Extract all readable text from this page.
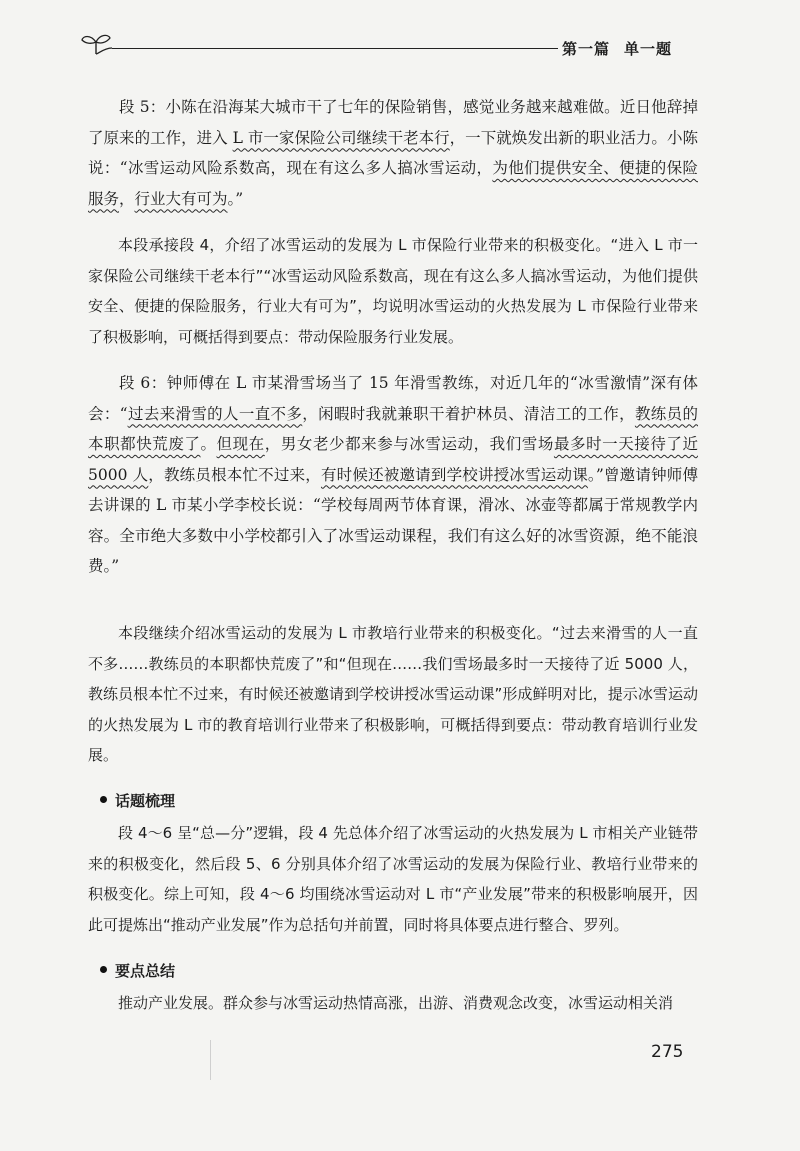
第一篇 单一题

段 5：小陈在沿海某大城市干了七年的保险销售，感觉业务越来越难做。近日他辞掉了原来的工作，进入 L 市一家保险公司继续干老本行，一下就焕发出新的职业活力。小陈说：“冰雪运动风险系数高，现在有这么多人搞冰雪运动，为他们提供安全、便捷的保险服务，行业大有可为。”

本段承接段 4，介绍了冰雪运动的发展为 L 市保险行业带来的积极变化。“进入 L 市一家保险公司继续干老本行”“冰雪运动风险系数高，现在有这么多人搞冰雪运动，为他们提供安全、便捷的保险服务，行业大有可为”，均说明冰雪运动的火热发展为 L 市保险行业带来了积极影响，可概括得到要点：带动保险服务行业发展。

段 6：钟师傅在 L 市某滑雪场当了 15 年滑雪教练，对近几年的“冰雪激情”深有体会：“过去来滑雪的人一直不多，闲暇时我就兼职干着护林员、清洁工的工作，教练员的本职都快荒废了。但现在，男女老少都来参与冰雪运动，我们雪场最多时一天接待了近 5000 人，教练员根本忙不过来，有时候还被邀请到学校讲授冰雪运动课。”曾邀请钟师傅去讲课的 L 市某小学李校长说：“学校每周两节体育课，滑冰、冰壶等都属于常规教学内容。全市绝大多数中小学校都引入了冰雪运动课程，我们有这么好的冰雪资源，绝不能浪费。”

本段继续介绍冰雪运动的发展为 L 市教培行业带来的积极变化。“过去来滑雪的人一直不多……教练员的本职都快荒废了”和“但现在……我们雪场最多时一天接待了近 5000 人，教练员根本忙不过来，有时候还被邀请到学校讲授冰雪运动课”形成鲜明对比，提示冰雪运动的火热发展为 L 市的教育培训行业带来了积极影响，可概括得到要点：带动教育培训行业发展。

话题梳理

段 4～6 呈“总—分”逻辑，段 4 先总体介绍了冰雪运动的火热发展为 L 市相关产业链带来的积极变化，然后段 5、6 分别具体介绍了冰雪运动的发展为保险行业、教培行业带来的积极变化。综上可知，段 4～6 均围绕冰雪运动对 L 市“产业发展”带来的积极影响展开，因此可提炼出“推动产业发展”作为总括句并前置，同时将具体要点进行整合、罗列。

要点总结

推动产业发展。群众参与冰雪运动热情高涨，出游、消费观念改变，冰雪运动相关消

275
